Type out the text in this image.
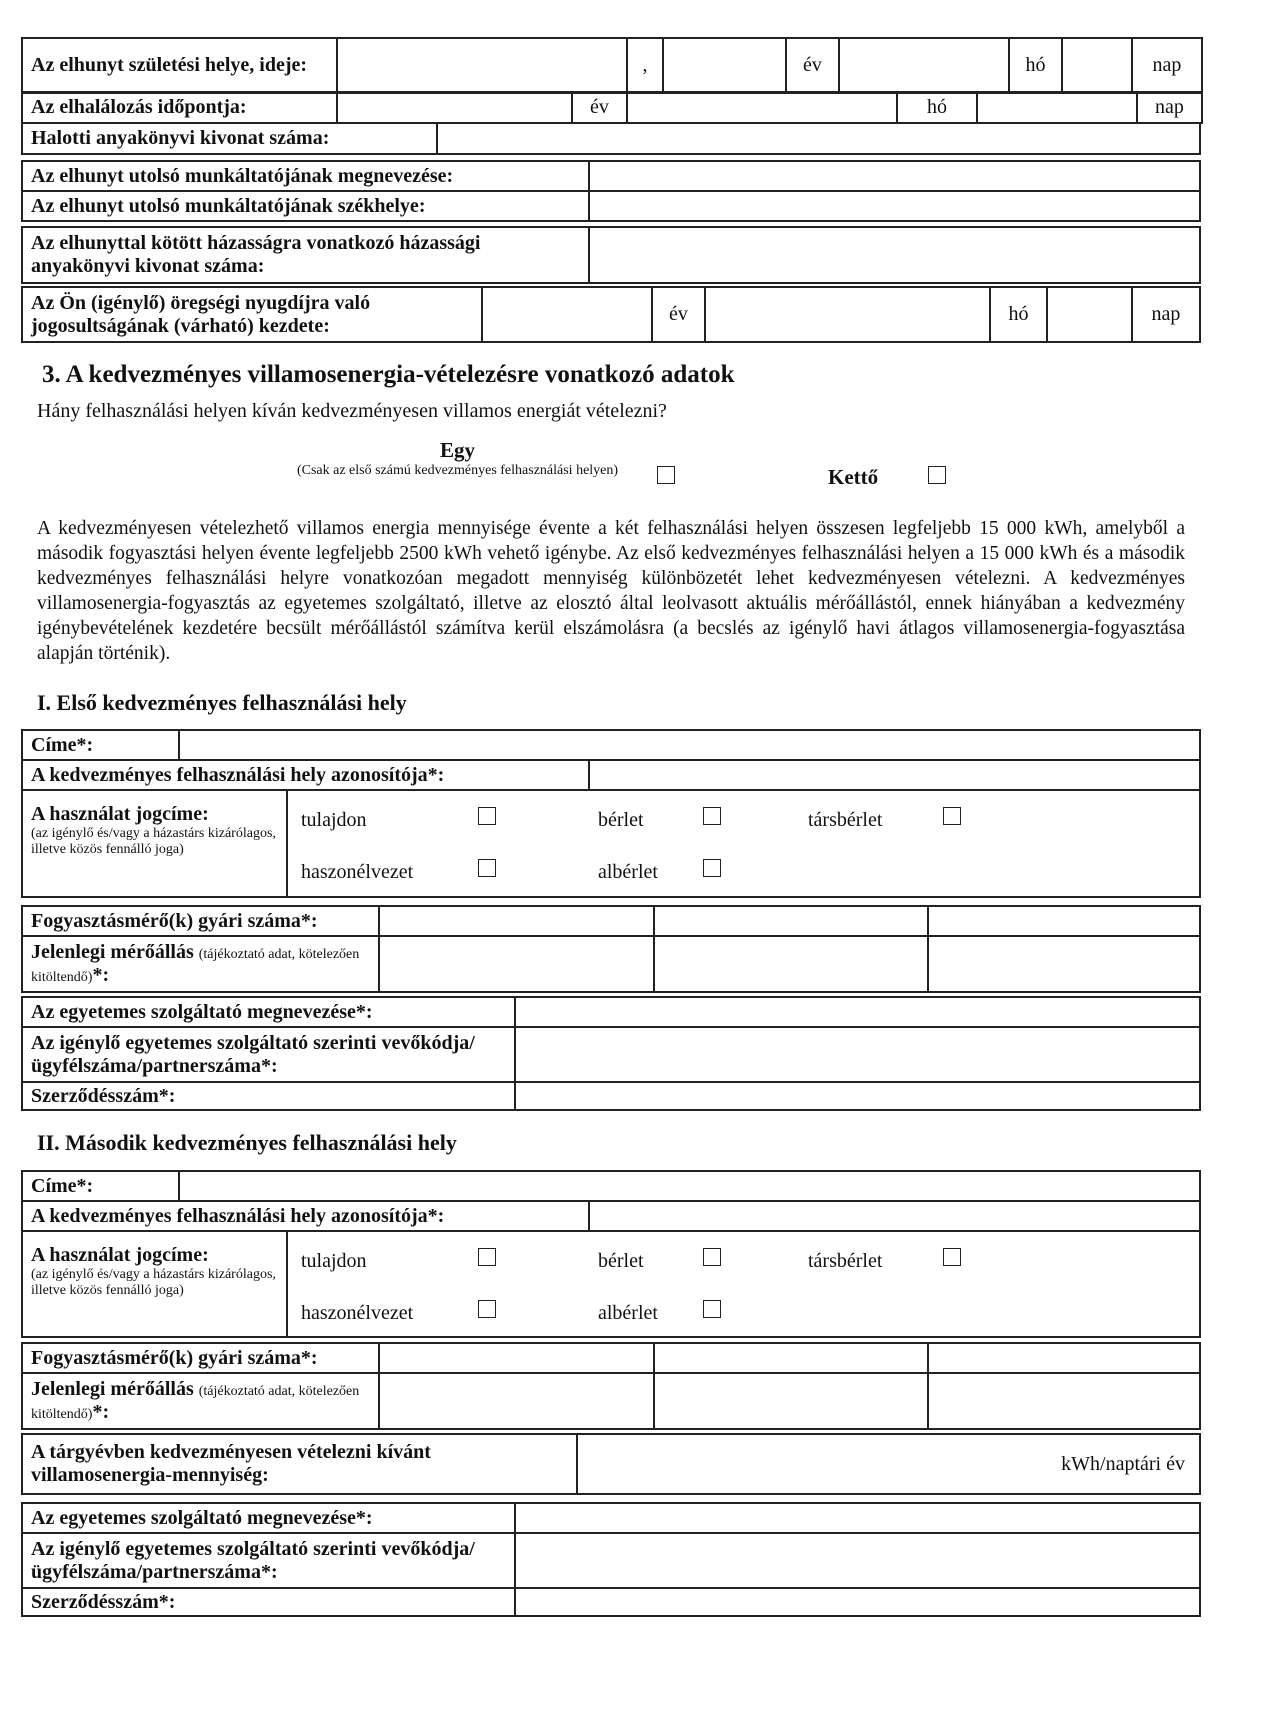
Az elhunyt születési helye, ideje:		,		év		hó		nap
Az elhalálozás időpontja:		év		hó		nap
Halotti anyakönyvi kivonat száma:	
Az elhunyt utolsó munkáltatójának megnevezése:	
Az elhunyt utolsó munkáltatójának székhelye:	
Az elhunyttal kötött házasságra vonatkozó házassági anyakönyvi kivonat száma:	
Az Ön (igénylő) öregségi nyugdíjra való jogosultságának (várható) kezdete:		év		hó		nap
3. A kedvezményes villamosenergia-vételezésre vonatkozó adatok
Hány felhasználási helyen kíván kedvezményesen villamos energiát vételezni?
Egy
(Csak az első számú kedvezményes felhasználási helyen)	Kettő
A kedvezményesen vételezhető villamos energia mennyisége évente a két felhasználási helyen összesen legfeljebb 15 000 kWh, amelyből a második fogyasztási helyen évente legfeljebb 2500 kWh vehető igénybe. Az első kedvezményes felhasználási helyen a 15 000 kWh és a második kedvezményes felhasználási helyre vonatkozóan megadott mennyiség különbözetét lehet kedvezményesen vételezni. A kedvezményes villamosenergia-fogyasztás az egyetemes szolgáltató, illetve az elosztó által leolvasott aktuális mérőállástól, ennek hiányában a kedvezmény igénybevételének kezdetére becsült mérőállástól számítva kerül elszámolásra (a becslés az igénylő havi átlagos villamosenergia-fogyasztása alapján történik).
I. Első kedvezményes felhasználási hely
Címe*:		
A kedvezményes felhasználási hely azonosítója*:		
A használat jogcíme:
(az igénylő és/vagy a házastárs kizárólagos, illetve közös fennálló joga)

tulajdon	bérlet	társbérlet
haszonélvezet	albérlet
Fogyasztásmérő(k) gyári száma*:			
Jelenlegi mérőállás (tájékoztató adat, kötelezően kitöltendő)*:			
Az egyetemes szolgáltató megnevezése*:	
Az igénylő egyetemes szolgáltató szerinti vevőkódja/ügyfélszáma/partnerszáma*:	
Szerződésszám*:	
II. Második kedvezményes felhasználási hely
Címe*:		
A kedvezményes felhasználási hely azonosítója*:		
A használat jogcíme:
(az igénylő és/vagy a házastárs kizárólagos, illetve közös fennálló joga)

tulajdon	bérlet	társbérlet
haszonélvezet	albérlet
Fogyasztásmérő(k) gyári száma*:			
Jelenlegi mérőállás (tájékoztató adat, kötelezően kitöltendő)*:			
A tárgyévben kedvezményesen vételezni kívánt villamosenergia-mennyiség:	kWh/naptári év
Az egyetemes szolgáltató megnevezése*:	
Az igénylő egyetemes szolgáltató szerinti vevőkódja/ügyfélszáma/partnerszáma*:	
Szerződésszám*:	
